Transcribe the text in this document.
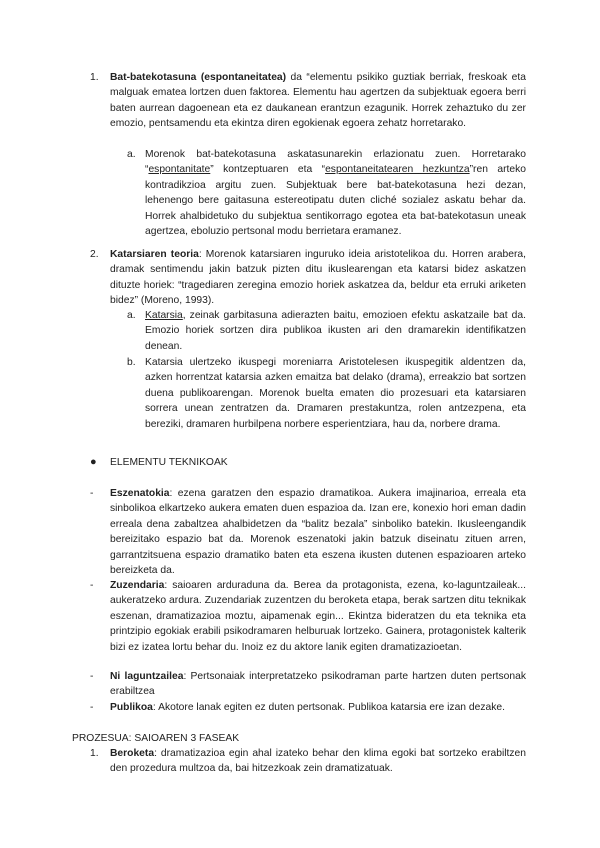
1.	Bat-batekotasuna (espontaneitatea) da “elementu psikiko guztiak berriak, freskoak eta malguak ematea lortzen duen faktorea. Elementu hau agertzen da subjektuak egoera berri baten aurrean dagoenean eta ez daukanean erantzun ezagunik. Horrek zehaztuko du zer emozio, pentsamendu eta ekintza diren egokienak egoera zehatz horretarako.

a. Morenok bat-batekotasuna askatasunarekin erlazionatu zuen. Horretarako “espontanitate” kontzeptuaren eta “espontaneitatearen hezkuntza”ren arteko kontradikzioa argitu zuen. Subjektuak bere bat-batekotasuna hezi dezan, lehenengo bere gaitasuna estereotipatu duten cliché sozialez askatu behar da. Horrek ahalbidetuko du subjektua sentikorrago egotea eta bat-batekotasun uneak agertzea, eboluzio pertsonal modu berrietara eramanez.

2.	Katarsiaren teoria: Morenok katarsiaren inguruko ideia aristotelikoa du. Horren arabera, dramak sentimendu jakin batzuk pizten ditu ikuslearengan eta katarsi bidez askatzen dituzte horiek: “tragediaren zeregina emozio horiek askatzea da, beldur eta erruki ariketen bidez” (Moreno, 1993).

a. Katarsia, zeinak garbitasuna adierazten baitu, emozioen efektu askatzaile bat da. Emozio horiek sortzen dira publikoa ikusten ari den dramarekin identifikatzen denean.

b. Katarsia ulertzeko ikuspegi moreniarra Aristotelesen ikuspegitik aldentzen da, azken horrentzat katarsia azken emaitza bat delako (drama), erreakzio bat sortzen duena publikoarengan. Morenok buelta ematen dio prozesuari eta katarsiaren sorrera unean zentratzen da. Dramaren prestakuntza, rolen antzezpena, eta bereziki, dramaren hurbilpena norbere esperientziara, hau da, norbere drama.

●	ELEMENTU TEKNIKOAK

-	Eszenatokia: ezena garatzen den espazio dramatikoa. Aukera imajinarioa, erreala eta sinbolikoa elkartzeko aukera ematen duen espazioa da. Izan ere, konexio hori eman dadin erreala dena zabaltzea ahalbidetzen da “balitz bezala” sinboliko batekin. Ikusleengandik bereizitako espazio bat da. Morenok eszenatoki jakin batzuk diseinatu zituen arren, garrantzitsuena espazio dramatiko baten eta eszena ikusten dutenen espazioaren arteko bereizketa da.

-	Zuzendaria: saioaren arduraduna da. Berea da protagonista, ezena, ko-laguntzaileak... aukeratzeko ardura. Zuzendariak zuzentzen du beroketa etapa, berak sartzen ditu teknikak eszenan, dramatizazioa moztu, aipamenak egin... Ekintza bideratzen du eta teknika eta printzipio egokiak erabili psikodramaren helburuak lortzeko. Gainera, protagonistek kalterik bizi ez izatea lortu behar du. Inoiz ez du aktore lanik egiten dramatizazioetan.

-	Ni laguntzailea: Pertsonaiak interpretatzeko psikodraman parte hartzen duten pertsonak erabiltzea

-	Publikoa: Akotore lanak egiten ez duten pertsonak. Publikoa katarsia ere izan dezake.

PROZESUA: SAIOAREN 3 FASEAK

1.	Beroketa: dramatizazioa egin ahal izateko behar den klima egoki bat sortzeko erabiltzen den prozedura multzoa da, bai hitzezkoak zein dramatizatuak.
